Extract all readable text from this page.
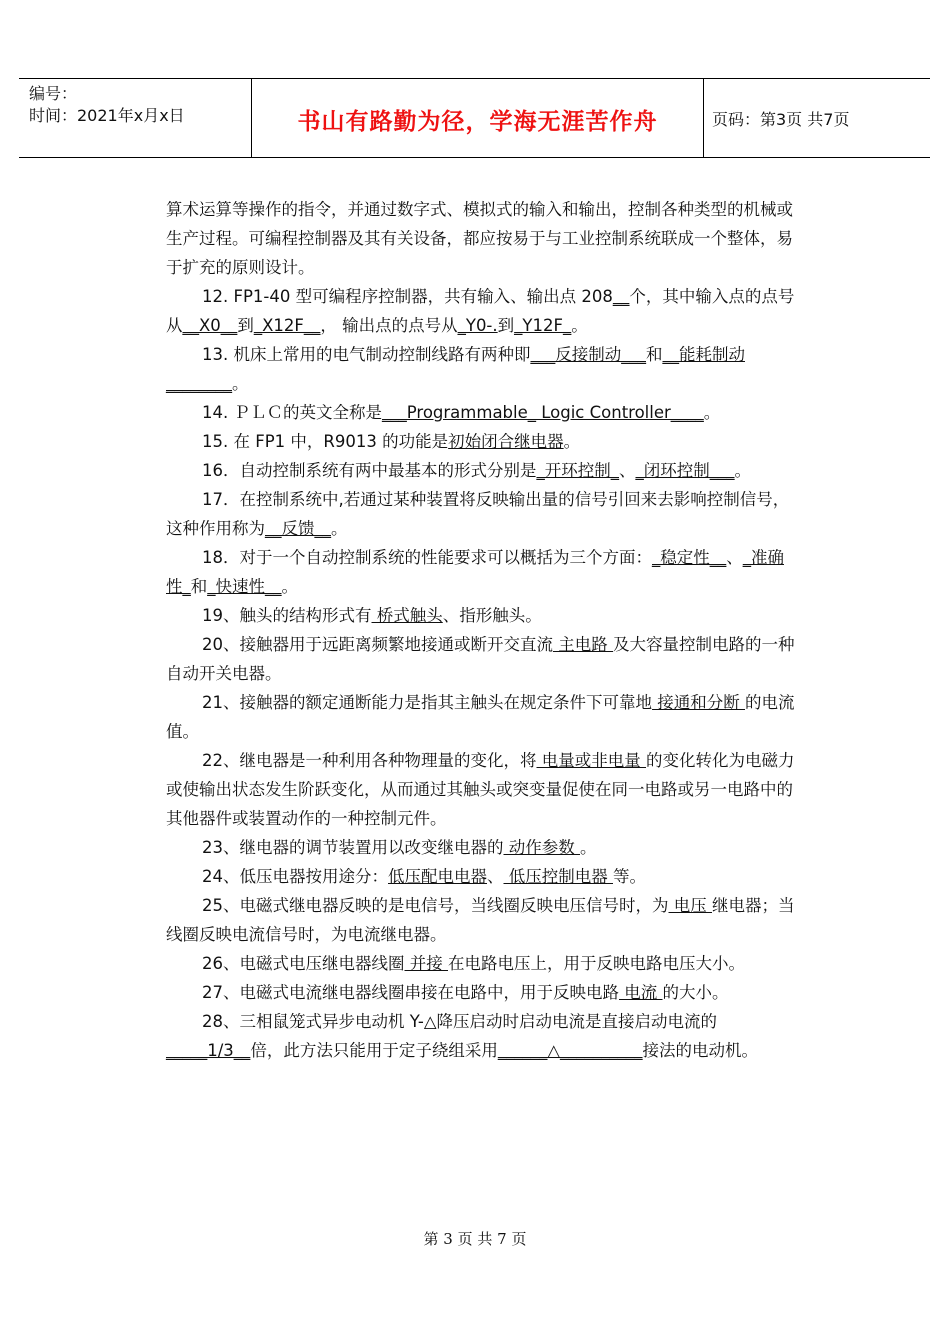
编号：
时间：2021年x月x日	书山有路勤为径，学海无涯苦作舟	页码：第3页 共7页

算术运算等操作的指令，并通过数字式、模拟式的输入和输出，控制各种类型的机械或生产过程。可编程控制器及其有关设备，都应按易于与工业控制系统联成一个整体，易于扩充的原则设计。

12. FP1-40 型可编程序控制器，共有输入、输出点 208__个，其中输入点的点号从__X0__到_X12F__， 输出点的点号从_Y0-.到_Y12F_。

13. 机床上常用的电气制动控制线路有两种即___反接制动___和__能耗制动________。

14. ＰＬＣ的英文全称是___Programmable_ Logic Controller____。

15. 在 FP1 中，R9013 的功能是初始闭合继电器。

16．自动控制系统有两中最基本的形式分别是_开环控制_、_闭环控制___。

17．在控制系统中,若通过某种装置将反映输出量的信号引回来去影响控制信号，这种作用称为__反馈__。

18．对于一个自动控制系统的性能要求可以概括为三个方面：_稳定性__、_准确性_和_快速性__。

19、触头的结构形式有 桥式触头、指形触头。

20、接触器用于远距离频繁地接通或断开交直流 主电路 及大容量控制电路的一种自动开关电器。

21、接触器的额定通断能力是指其主触头在规定条件下可靠地 接通和分断 的电流值。

22、继电器是一种利用各种物理量的变化，将 电量或非电量 的变化转化为电磁力或使输出状态发生阶跃变化，从而通过其触头或突变量促使在同一电路或另一电路中的其他器件或装置动作的一种控制元件。

23、继电器的调节装置用以改变继电器的 动作参数 。

24、低压电器按用途分：低压配电电器、 低压控制电器 等。

25、电磁式继电器反映的是电信号，当线圈反映电压信号时，为 电压 继电器；当线圈反映电流信号时，为电流继电器。

26、电磁式电压继电器线圈 并接 在电路电压上，用于反映电路电压大小。

27、电磁式电流继电器线圈串接在电路中，用于反映电路 电流 的大小。

28、三相鼠笼式异步电动机 Y-△降压启动时启动电流是直接启动电流的_____1/3__倍，此方法只能用于定子绕组采用______△__________接法的电动机。

第 3 页 共 7 页
